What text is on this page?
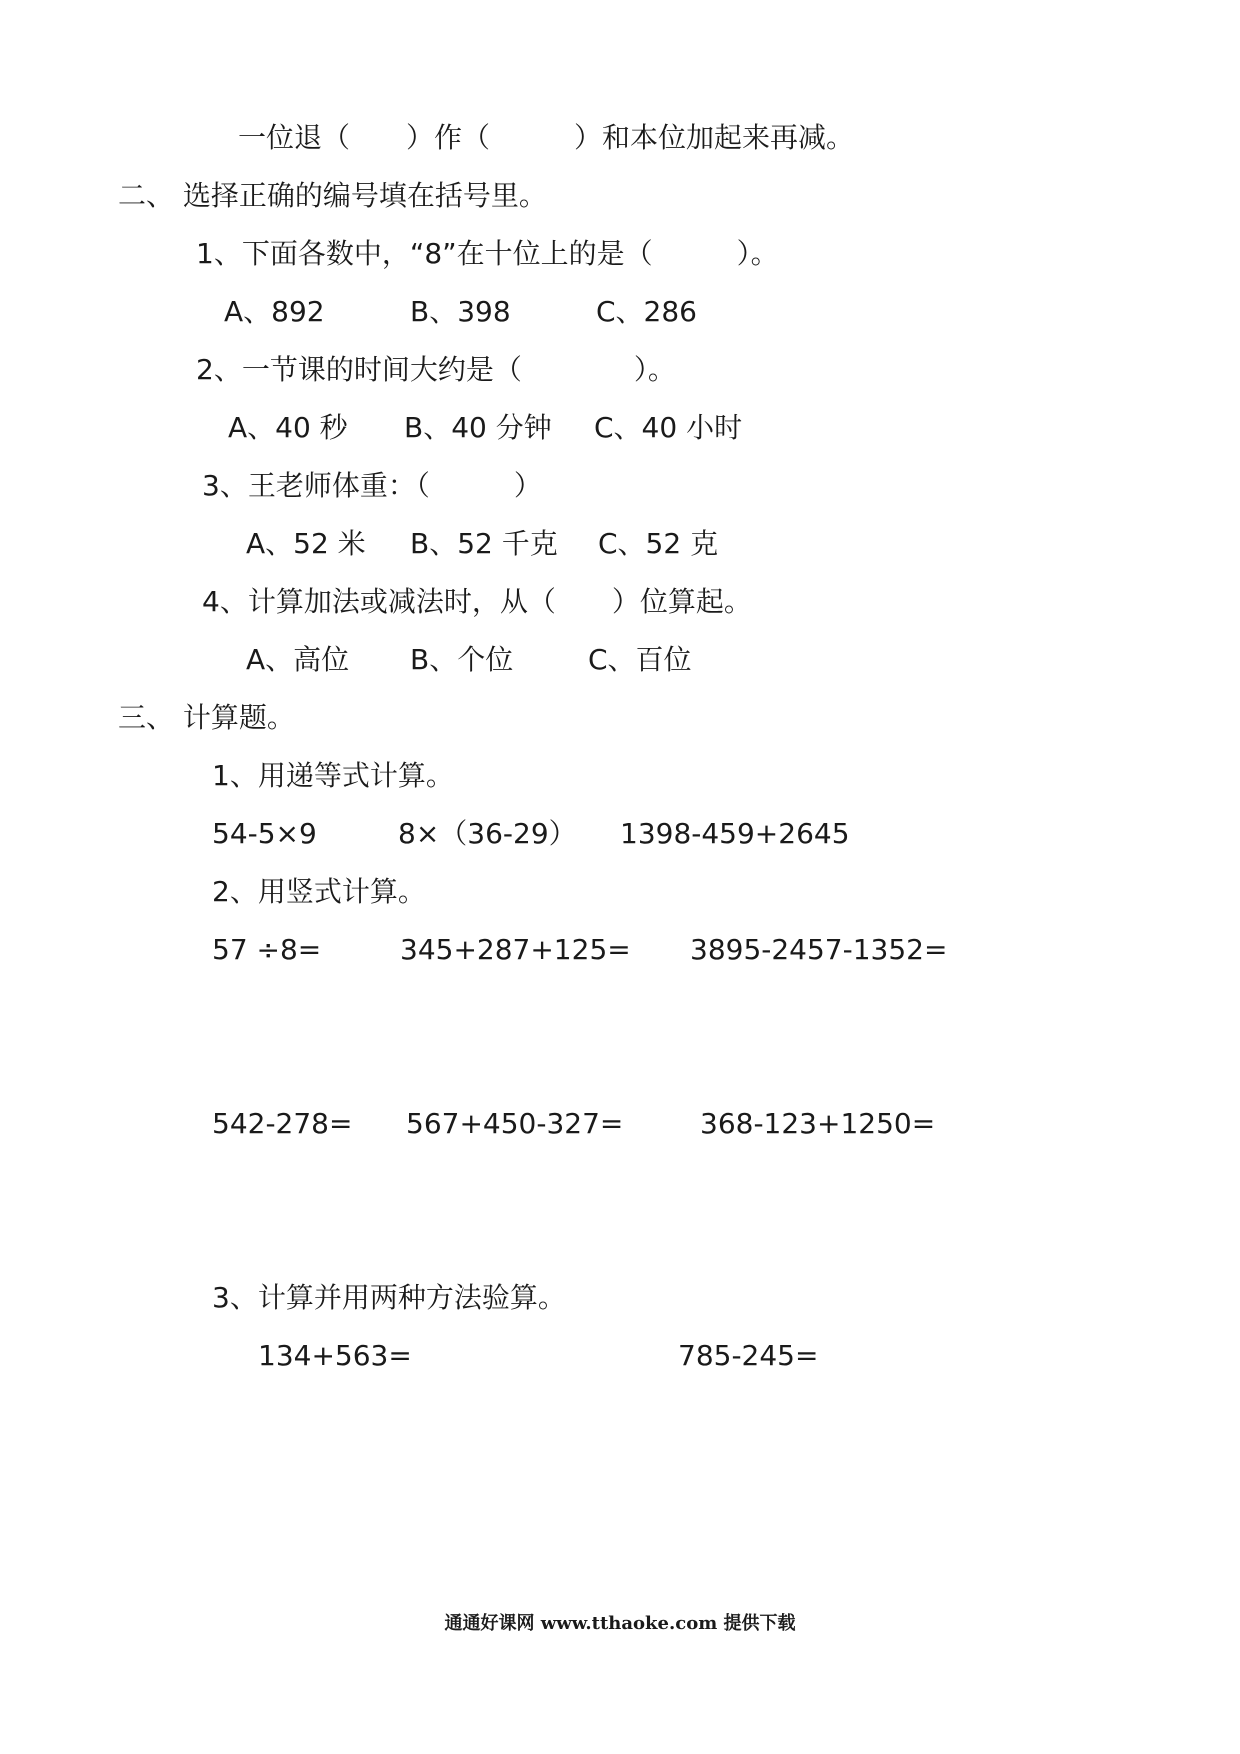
一位退（　　）作（　　　）和本位加起来再减。
二、 选择正确的编号填在括号里。
1、下面各数中，“8”在十位上的是（　　　）。
A、892	B、398	C、286
2、一节课的时间大约是（　　　　）。
A、40 秒 B、40 分钟 C、40 小时
3、王老师体重：（　　　）
A、52 米 B、52 千克 C、52 克
4、计算加法或减法时，从（　　）位算起。
A、高位 B、个位	C、百位
三、 计算题。
1、用递等式计算。
54-5×9	8×（36-29） 1398-459+2645
2、用竖式计算。
57 ÷8=	345+287+125= 3895-2457-1352=
542-278= 567+450-327=	368-123+1250=
3、计算并用两种方法验算。
134+563=	785-245=
通通好课网 www.tthaoke.com 提供下载
